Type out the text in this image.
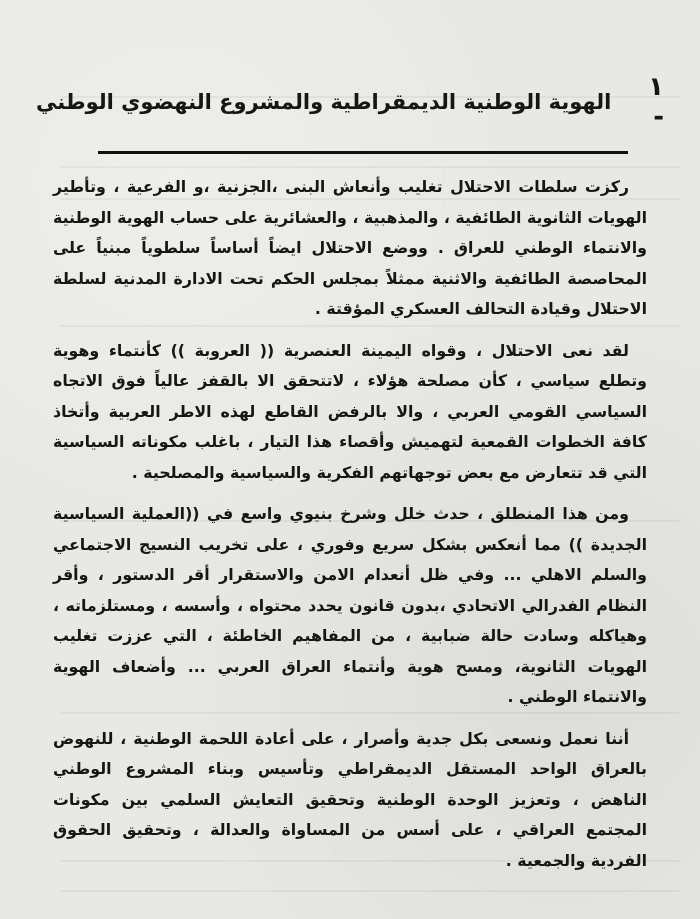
١ -
الهوية الوطنية الديمقراطية والمشروع النهضوي الوطني

ركزت سلطات الاحتلال تغليب وأنعاش البنى ،الجزنية ،و الفرعية ، وتأطير الهويات الثانوية الطائفية ، والمذهبية ، والعشائرية على حساب الهوية الوطنية والانتماء الوطني للعراق . ووضع الاحتلال ايضاً أساساً سلطوياً مبنياً على المحاصصة الطائفية والاثنية ممثلاً بمجلس الحكم تحت الادارة المدنية لسلطة الاحتلال وقيادة التحالف العسكري المؤقتة .

لقد نعى الاحتلال ، وقواه اليمينة العنصرية (( العروبة )) كأنتماء وهوية وتطلع سياسي ، كأن مصلحة هؤلاء ، لاتتحقق الا بالقفز عالياً فوق الاتجاه السياسي القومي العربي ، والا بالرفض القاطع لهذه الاطر العربية وأتخاذ كافة الخطوات القمعية لتهميش وأقصاء هذا التيار ، باغلب مكوناته السياسية التي قد تتعارض مع بعض توجهاتهم الفكرية والسياسية والمصلحية .

ومن هذا المنطلق ، حدث خلل وشرخ بنيوي واسع في ((العملية السياسية الجديدة )) مما أنعكس بشكل سريع وفوري ، على تخريب النسيج الاجتماعي والسلم الاهلي ... وفي ظل أنعدام الامن والاستقرار أقر الدستور ، وأقر النظام الفدرالي الاتحادي ،بدون قانون يحدد محتواه ، وأسسه ، ومستلزماته ، وهياكله وسادت حالة ضبابية ، من المفاهيم الخاطئة ، التي عززت تغليب الهويات الثانوية، ومسح هوية وأنتماء العراق العربي ... وأضعاف الهوية والانتماء الوطني .

أننا نعمل ونسعى بكل جدية وأصرار ، على أعادة اللحمة الوطنية ، للنهوض بالعراق الواحد المستقل الديمقراطي وتأسيس وبناء المشروع الوطني الناهض ، وتعزيز الوحدة الوطنية وتحقيق التعايش السلمي بين مكونات المجتمع العراقي ، على أسس من المساواة والعدالة ، وتحقيق الحقوق الفردية والجمعية .
